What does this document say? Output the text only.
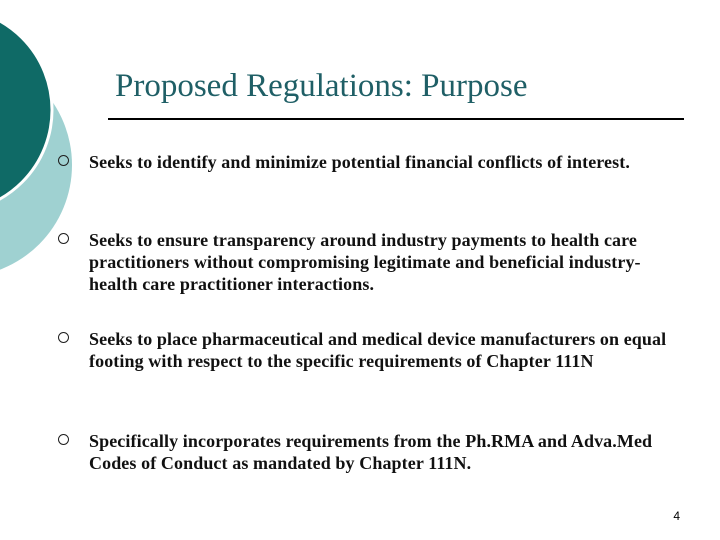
Proposed Regulations: Purpose
Seeks to identify and minimize potential financial conflicts of interest.
Seeks to ensure transparency around industry payments to health care practitioners without compromising legitimate and beneficial industry-health care practitioner interactions.
Seeks to place pharmaceutical and medical device manufacturers on equal footing with respect to the specific requirements of Chapter 111N
Specifically incorporates requirements from the Ph.RMA and Adva.Med Codes of Conduct as mandated by Chapter 111N.
4
